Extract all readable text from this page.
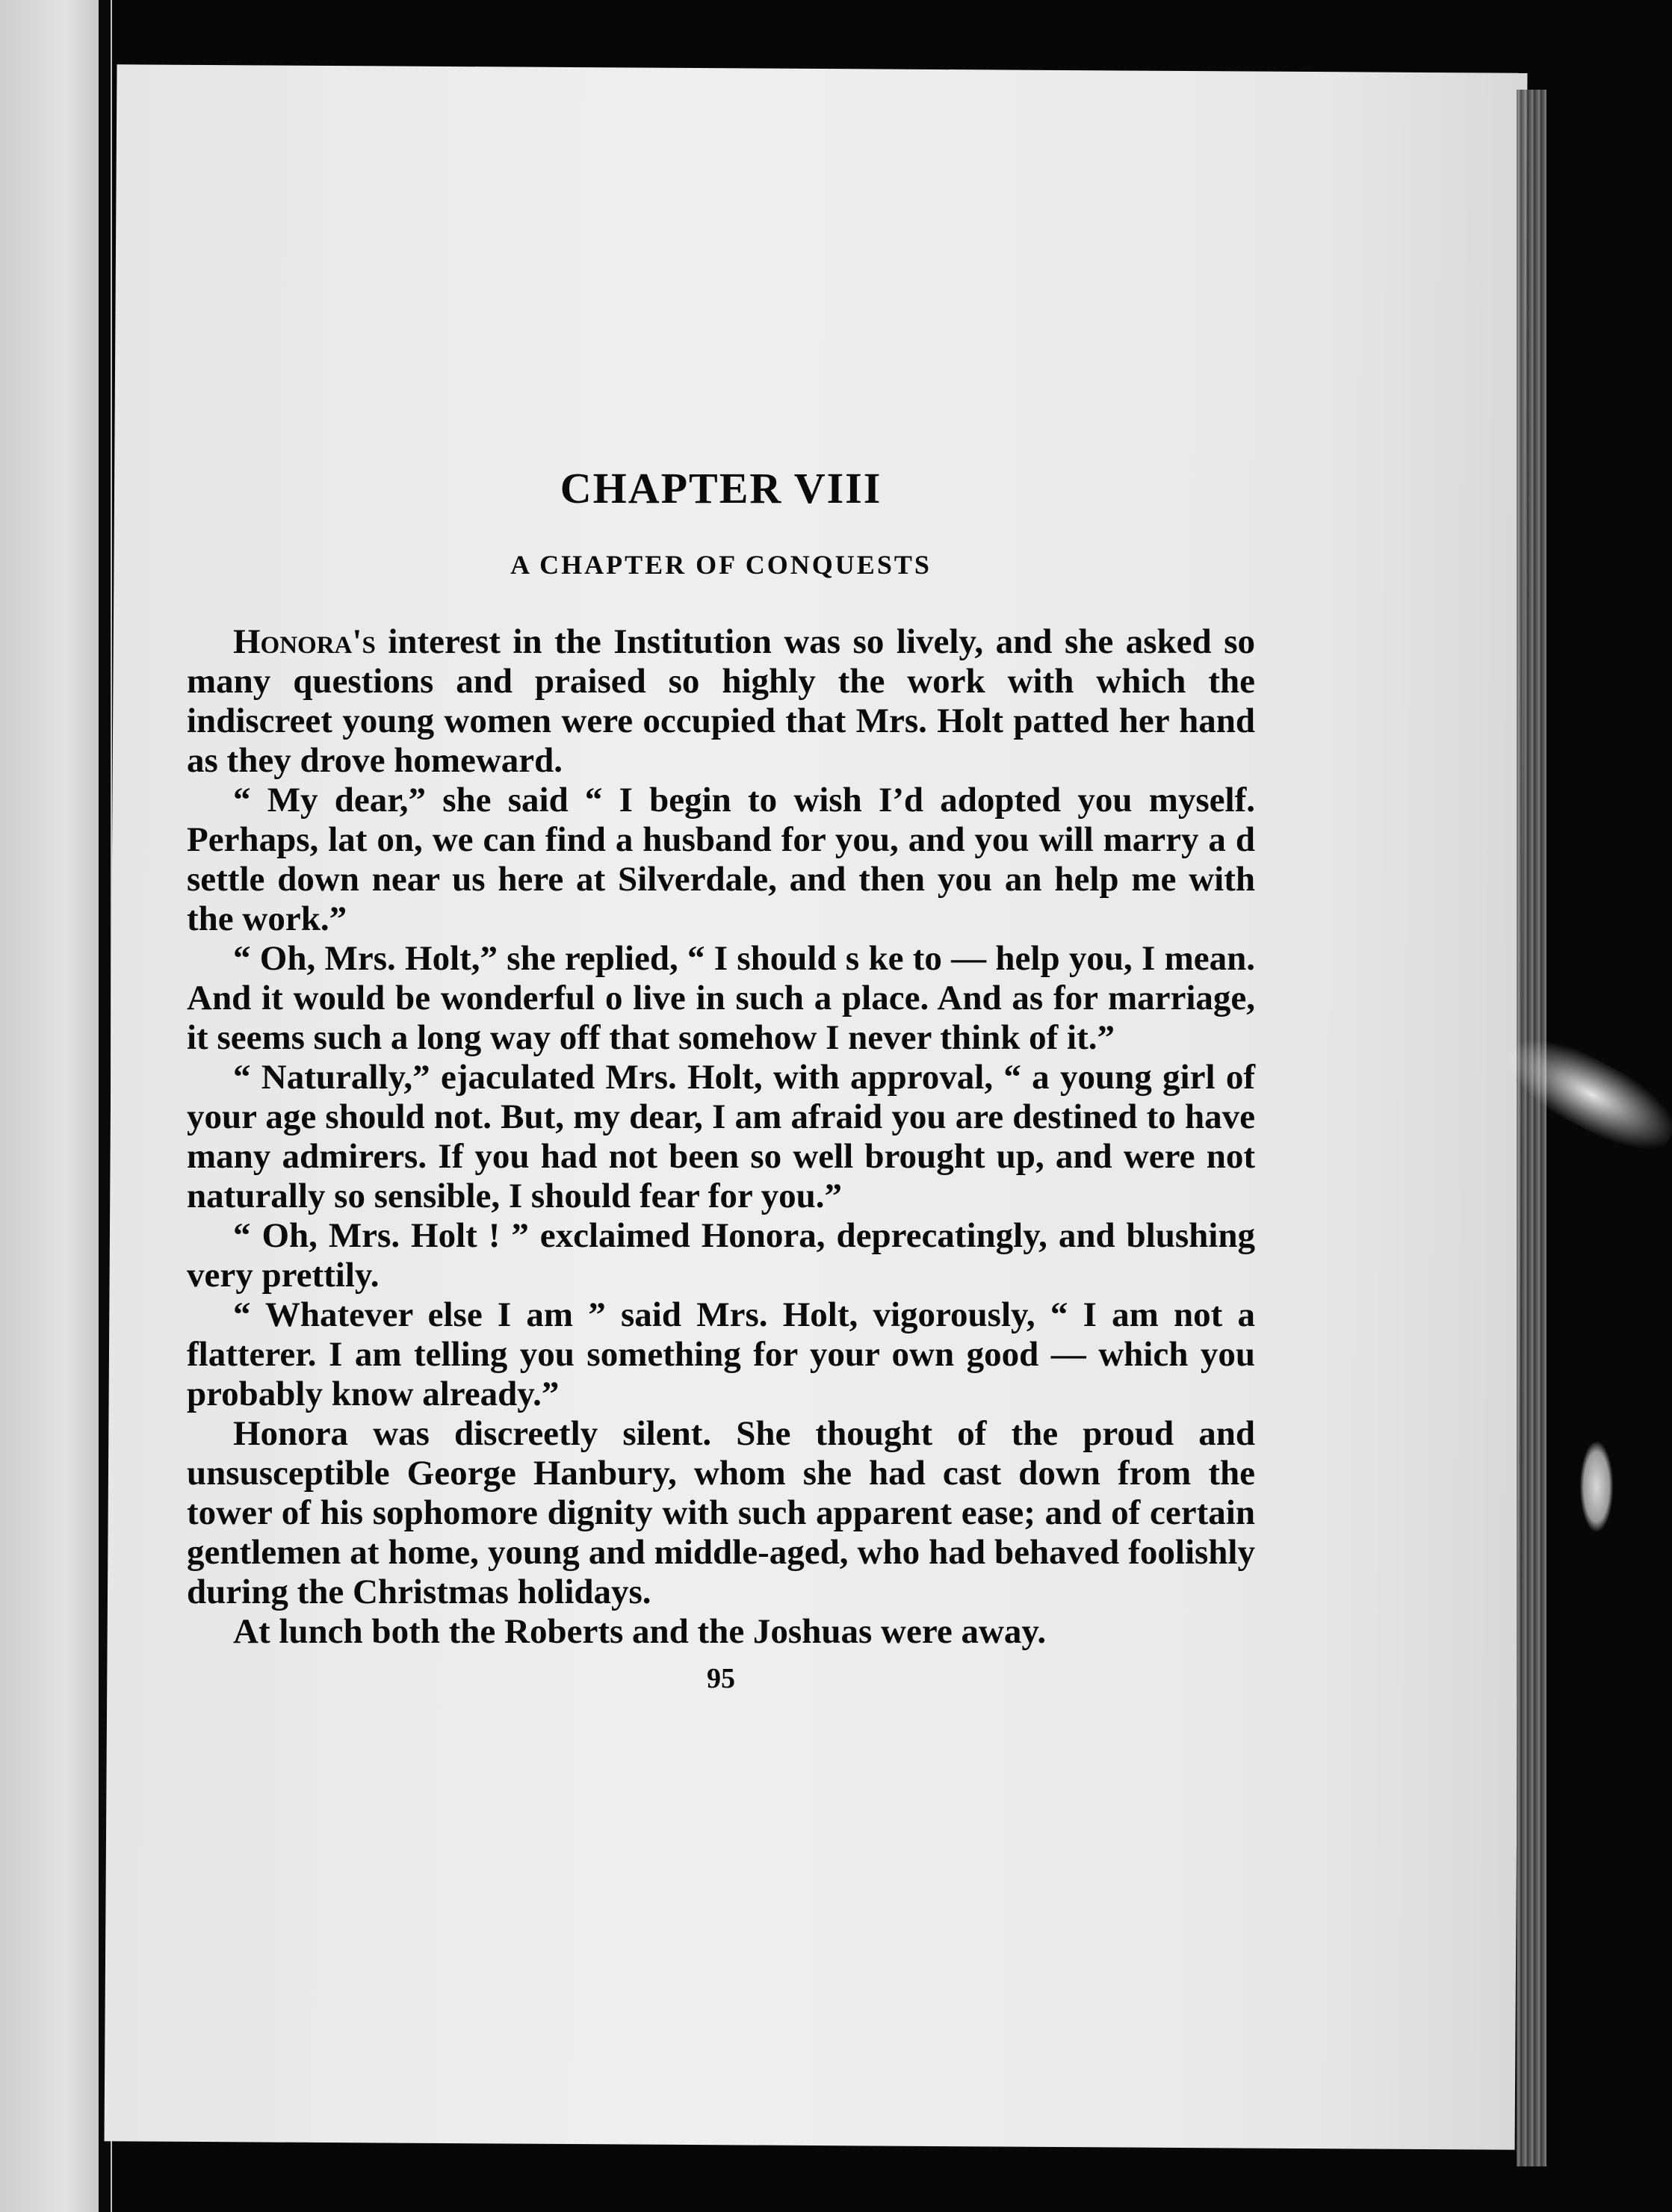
CHAPTER VIII
A CHAPTER OF CONQUESTS

Honora's interest in the Institution was so lively, and she asked so many questions and praised so highly the work with which the indiscreet young women were occupied that Mrs. Holt patted her hand as they drove homeward.

“ My dear,” she said “ I begin to wish I’d adopted you myself. Perhaps, lat on, we can find a husband for you, and you will marry a d settle down near us here at Silverdale, and then you an help me with the work.”

“ Oh, Mrs. Holt,” she replied, “ I should s ke to — help you, I mean. And it would be wonderful o live in such a place. And as for marriage, it seems such a long way off that somehow I never think of it.”

“ Naturally,” ejaculated Mrs. Holt, with approval, “ a young girl of your age should not. But, my dear, I am afraid you are destined to have many admirers. If you had not been so well brought up, and were not naturally so sensible, I should fear for you.”

“ Oh, Mrs. Holt ! ” exclaimed Honora, deprecatingly, and blushing very prettily.

“ Whatever else I am ” said Mrs. Holt, vigorously, “ I am not a flatterer. I am telling you something for your own good — which you probably know already.”

Honora was discreetly silent. She thought of the proud and unsusceptible George Hanbury, whom she had cast down from the tower of his sophomore dignity with such apparent ease; and of certain gentlemen at home, young and middle-aged, who had behaved foolishly during the Christmas holidays.

At lunch both the Roberts and the Joshuas were away.

95
